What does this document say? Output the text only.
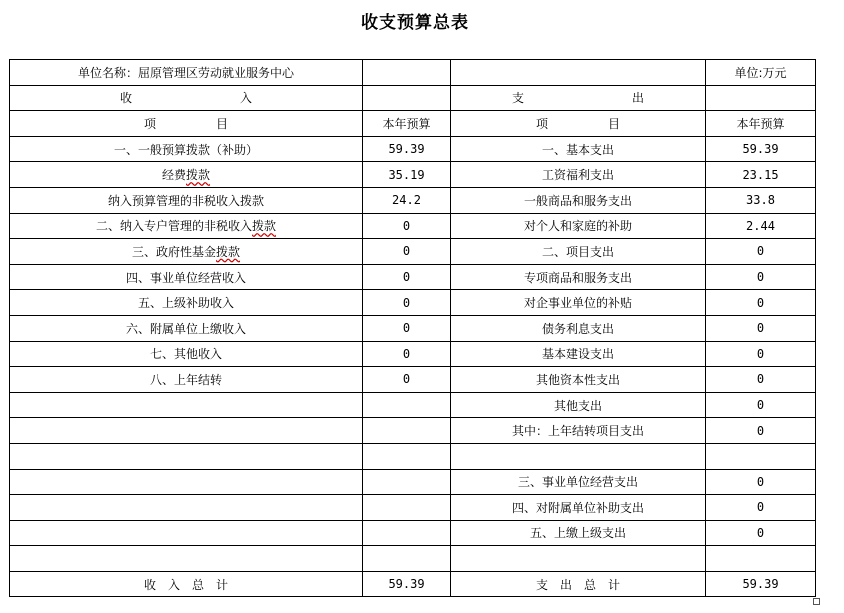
收支预算总表
单位名称：屈原管理区劳动就业服务中心			单位:万元
收　　　　　　　　　入		支　　　　　　　　　出	
项　　　　　目	本年预算	项　　　　　目	本年预算
一、一般预算拨款（补助）	59.39	一、基本支出	59.39
经费拨款	35.19	工资福利支出	23.15
纳入预算管理的非税收入拨款	24.2	一般商品和服务支出	33.8
二、纳入专户管理的非税收入拨款	0	对个人和家庭的补助	2.44
三、政府性基金拨款	0	二、项目支出	0
四、事业单位经营收入	0	专项商品和服务支出	0
五、上级补助收入	0	对企事业单位的补贴	0
六、附属单位上缴收入	0	债务利息支出	0
七、其他收入	0	基本建设支出	0
八、上年结转	0	其他资本性支出	0
		其他支出	0
		其中：上年结转项目支出	0

		三、事业单位经营支出	0
		四、对附属单位补助支出	0
		五、上缴上级支出	0

收　入　总　计	59.39	支　出　总　计	59.39
